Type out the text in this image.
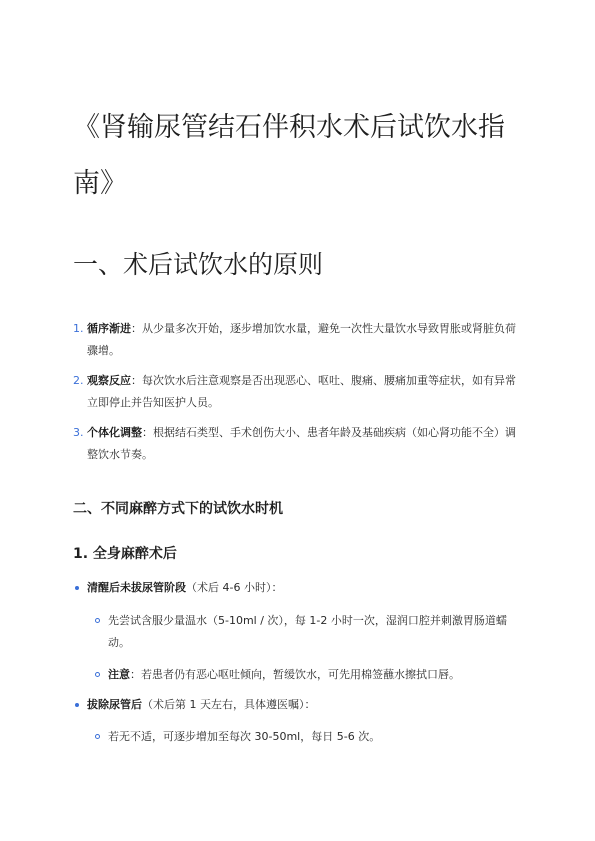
《肾输尿管结石伴积水术后试饮水指南》
一、术后试饮水的原则
1. 循序渐进：从少量多次开始，逐步增加饮水量，避免一次性大量饮水导致胃胀或肾脏负荷骤增。
2. 观察反应：每次饮水后注意观察是否出现恶心、呕吐、腹痛、腰痛加重等症状，如有异常立即停止并告知医护人员。
3. 个体化调整：根据结石类型、手术创伤大小、患者年龄及基础疾病（如心肾功能不全）调整饮水节奏。
二、不同麻醉方式下的试饮水时机
1. 全身麻醉术后
清醒后未拔尿管阶段（术后 4-6 小时）：
先尝试含服少量温水（5-10ml / 次），每 1-2 小时一次，湿润口腔并刺激胃肠道蠕动。
注意：若患者仍有恶心呕吐倾向，暂缓饮水，可先用棉签蘸水擦拭口唇。
拔除尿管后（术后第 1 天左右，具体遵医嘱）：
若无不适，可逐步增加至每次 30-50ml，每日 5-6 次。
